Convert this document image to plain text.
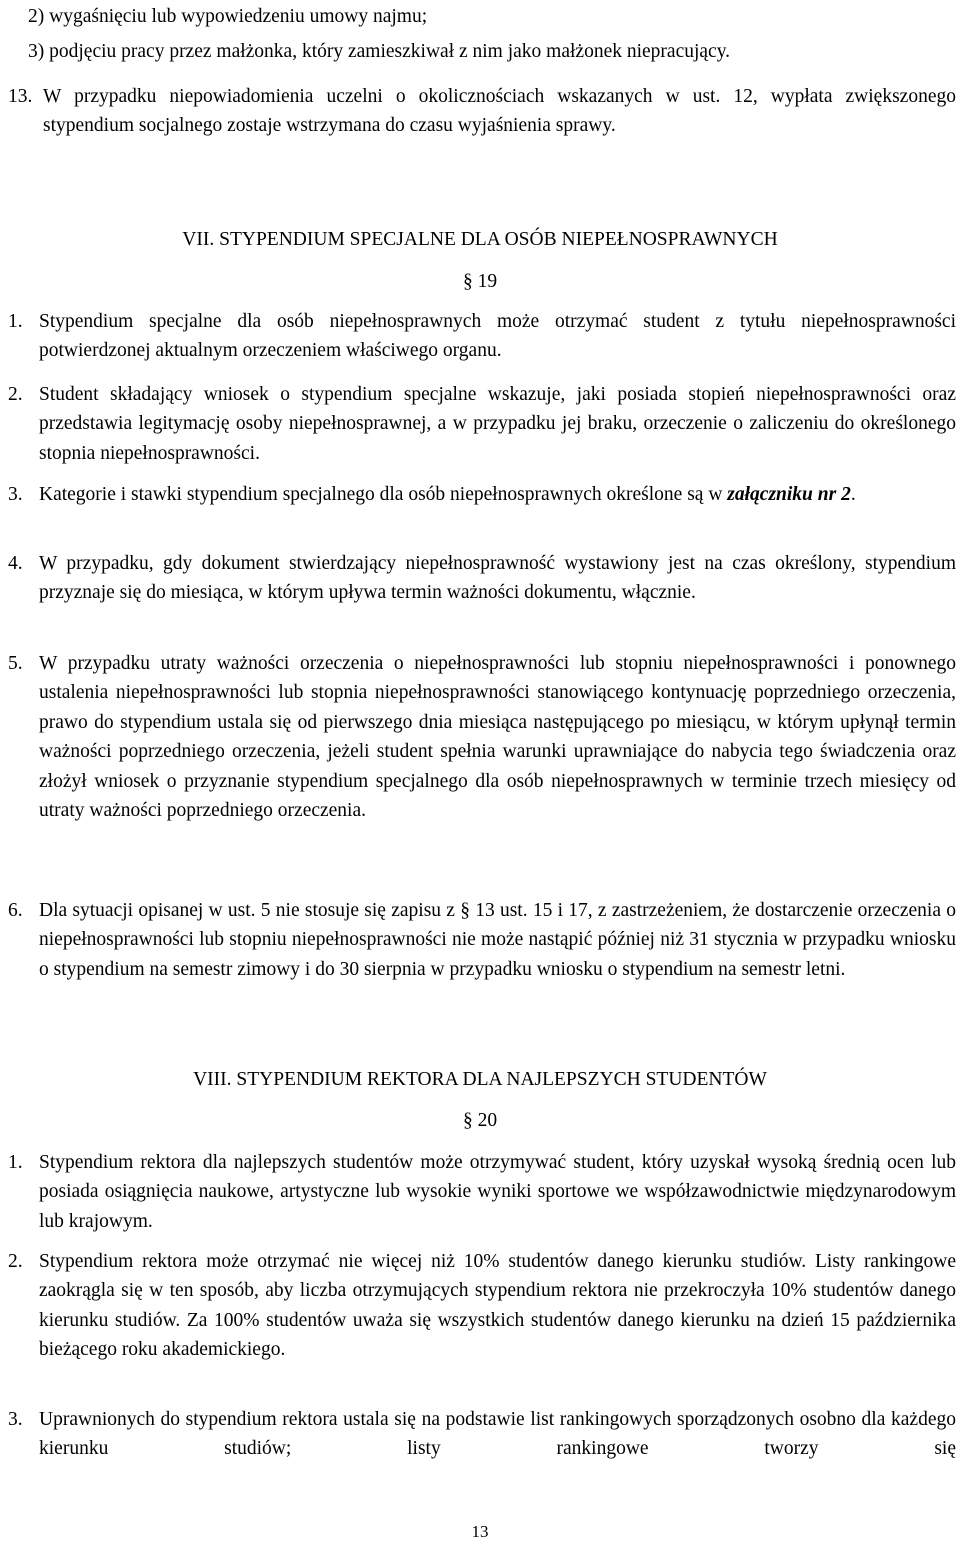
2) wygaśnięciu lub wypowiedzeniu umowy najmu;
3) podjęciu pracy przez małżonka, który zamieszkiwał z nim jako małżonek niepracujący.
13. W przypadku niepowiadomienia uczelni o okolicznościach wskazanych w ust. 12, wypłata zwiększonego stypendium socjalnego zostaje wstrzymana do czasu wyjaśnienia sprawy.
VII. STYPENDIUM SPECJALNE DLA OSÓB NIEPEŁNOSPRAWNYCH
§ 19
1. Stypendium specjalne dla osób niepełnosprawnych może otrzymać student z tytułu niepełnosprawności potwierdzonej aktualnym orzeczeniem właściwego organu.
2. Student składający wniosek o stypendium specjalne wskazuje, jaki posiada stopień niepełnosprawności oraz przedstawia legitymację osoby niepełnosprawnej, a w przypadku jej braku, orzeczenie o zaliczeniu do określonego stopnia niepełnosprawności.
3. Kategorie i stawki stypendium specjalnego dla osób niepełnosprawnych określone są w załączniku nr 2.
4. W przypadku, gdy dokument stwierdzający niepełnosprawność wystawiony jest na czas określony, stypendium przyznaje się do miesiąca, w którym upływa termin ważności dokumentu, włącznie.
5. W przypadku utraty ważności orzeczenia o niepełnosprawności lub stopniu niepełnosprawności i ponownego ustalenia niepełnosprawności lub stopnia niepełnosprawności stanowiącego kontynuację poprzedniego orzeczenia, prawo do stypendium ustala się od pierwszego dnia miesiąca następującego po miesiącu, w którym upłynął termin ważności poprzedniego orzeczenia, jeżeli student spełnia warunki uprawniające do nabycia tego świadczenia oraz złożył wniosek o przyznanie stypendium specjalnego dla osób niepełnosprawnych w terminie trzech miesięcy od utraty ważności poprzedniego orzeczenia.
6. Dla sytuacji opisanej w ust. 5 nie stosuje się zapisu z § 13 ust. 15 i 17, z zastrzeżeniem, że dostarczenie orzeczenia o niepełnosprawności lub stopniu niepełnosprawności nie może nastąpić później niż 31 stycznia w przypadku wniosku o stypendium na semestr zimowy i do 30 sierpnia w przypadku wniosku o stypendium na semestr letni.
VIII. STYPENDIUM REKTORA DLA NAJLEPSZYCH STUDENTÓW
§ 20
1. Stypendium rektora dla najlepszych studentów może otrzymywać student, który uzyskał wysoką średnią ocen lub posiada osiągnięcia naukowe, artystyczne lub wysokie wyniki sportowe we współzawodnictwie międzynarodowym lub krajowym.
2. Stypendium rektora może otrzymać nie więcej niż 10% studentów danego kierunku studiów. Listy rankingowe zaokrągla się w ten sposób, aby liczba otrzymujących stypendium rektora nie przekroczyła 10% studentów danego kierunku studiów. Za 100% studentów uważa się wszystkich studentów danego kierunku na dzień 15 października bieżącego roku akademickiego.
3. Uprawnionych do stypendium rektora ustala się na podstawie list rankingowych sporządzonych osobno dla każdego kierunku studiów; listy rankingowe tworzy się
13
